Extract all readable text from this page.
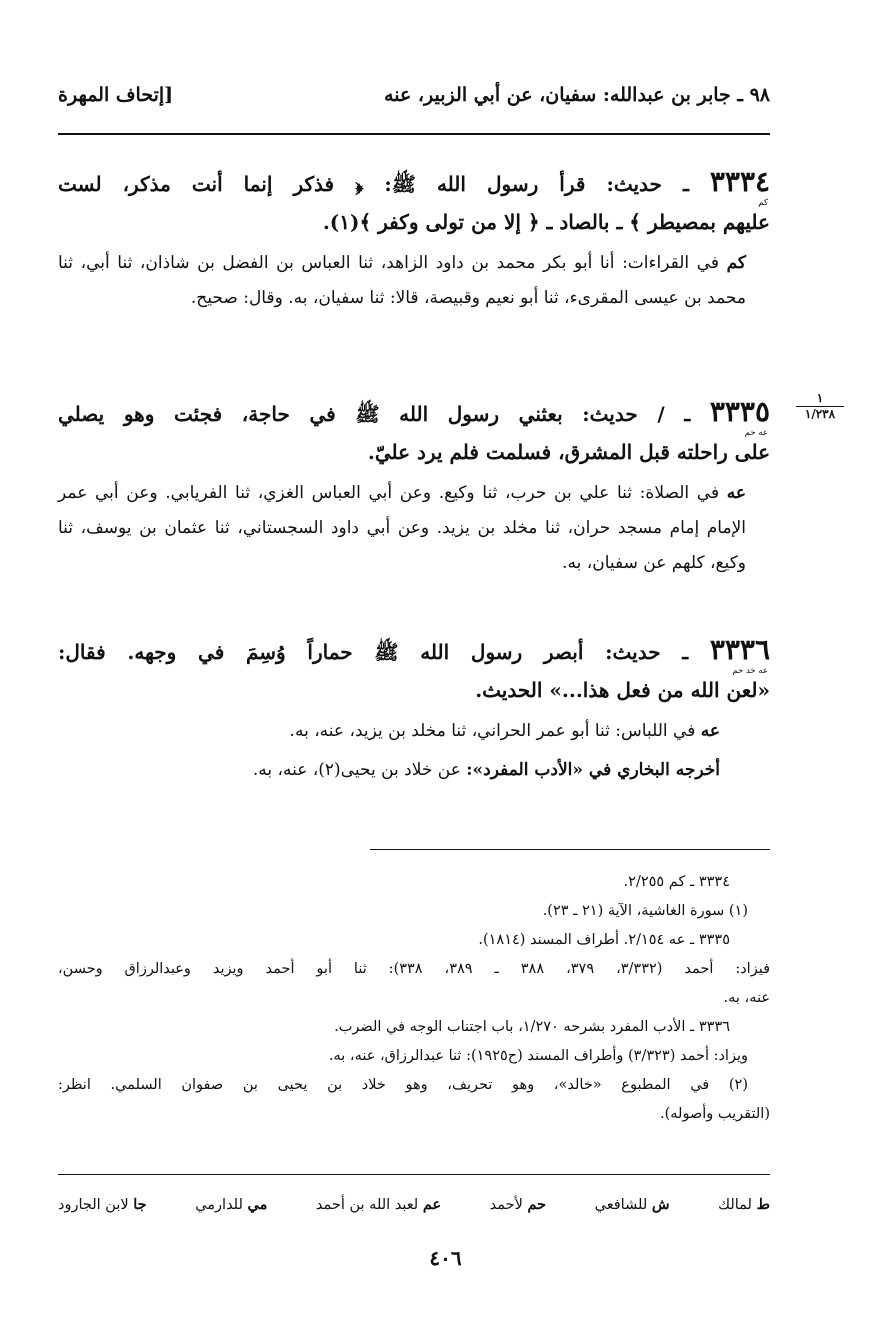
٩٨ ـ جابر بن عبدالله: سفيان، عن أبي الزبير، عنه
[إتحاف المهرة
٣٣٣٤ ـ حديث: قرأ رسول الله ﷺ: ﴿ فذكر إنما أنت مذكر، لست
كم
عليهم بمصيطر ﴾ ـ بالصاد ـ ﴿ إلا من تولى وكفر ﴾(١).
كم في القراءات: أنا أبو بكر محمد بن داود الزاهد، ثنا العباس بن الفضل بن شاذان، ثنا أبي، ثنا محمد بن عيسى المقرىء، ثنا أبو نعيم وقبيصة، قالا: ثنا سفيان، به. وقال: صحيح.
١
١/٢٣٨
٣٣٣٥ ـ / حديث: بعثني رسول الله ﷺ في حاجة، فجئت وهو يصلي
عه حم
على راحلته قبل المشرق، فسلمت فلم يرد عليّ.
عه في الصلاة: ثنا علي بن حرب، ثنا وكيع. وعن أبي العباس الغزي، ثنا الفريابي. وعن أبي عمر الإمام إمام مسجد حران، ثنا مخلد بن يزيد. وعن أبي داود السجستاني، ثنا عثمان بن يوسف، ثنا وكيع، كلهم عن سفيان، به.
٣٣٣٦ ـ حديث: أبصر رسول الله ﷺ حماراً وُسِمَ في وجهه. فقال:
عه خد حم
«لعن الله من فعل هذا...» الحديث.
عه في اللباس: ثنا أبو عمر الحراني، ثنا مخلد بن يزيد، عنه، به.
أخرجه البخاري في «الأدب المفرد»: عن خلاد بن يحيى(٢)، عنه، به.
٣٣٣٤ ـ كم ٢/٢٥٥.
(١) سورة الغاشية، الآية (٢١ ـ ٢٣).
٣٣٣٥ ـ عه ٢/١٥٤. أطراف المسند (١٨١٤).
فيزاد: أحمد (٣/٣٣٢، ٣٧٩، ٣٨٨ ـ ٣٨٩، ٣٣٨): ثنا أبو أحمد ويزيد وعبدالرزاق وحسن،
عنه، به.
٣٣٣٦ ـ الأدب المفرد بشرحه ١/٢٧٠، باب اجتناب الوجه في الضرب.
ويزاد: أحمد (٣/٣٢٣) وأطراف المسند (ح١٩٢٥): ثنا عبدالرزاق، عنه، به.
(٢) في المطبوع «خالد»، وهو تحريف، وهو خلاد بن يحيى بن صفوان السلمي. انظر:
(التقريب وأصوله).
ط لمالك
ش للشافعي
حم لأحمد
عم لعبد الله بن أحمد
مي للدارمي
جا لابن الجارود
٤٠٦
